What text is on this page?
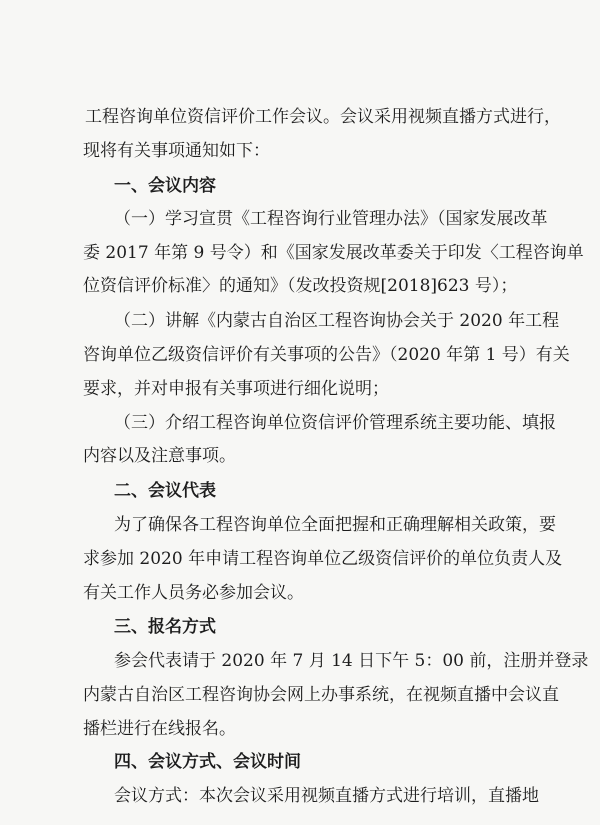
工程咨询单位资信评价工作会议。会议采用视频直播方式进行，
现将有关事项通知如下：
一、会议内容
（一）学习宣贯《工程咨询行业管理办法》（国家发展改革
委 2017 年第 9 号令）和《国家发展改革委关于印发〈工程咨询单
位资信评价标准〉的通知》（发改投资规[2018]623 号）；
（二）讲解《内蒙古自治区工程咨询协会关于 2020 年工程
咨询单位乙级资信评价有关事项的公告》（2020 年第 1 号）有关
要求，并对申报有关事项进行细化说明；
（三）介绍工程咨询单位资信评价管理系统主要功能、填报
内容以及注意事项。
二、会议代表
为了确保各工程咨询单位全面把握和正确理解相关政策，要
求参加 2020 年申请工程咨询单位乙级资信评价的单位负责人及
有关工作人员务必参加会议。
三、报名方式
参会代表请于 2020 年 7 月 14 日下午 5：00 前，注册并登录
内蒙古自治区工程咨询协会网上办事系统，在视频直播中会议直
播栏进行在线报名。
四、会议方式、会议时间
会议方式：本次会议采用视频直播方式进行培训，直播地
